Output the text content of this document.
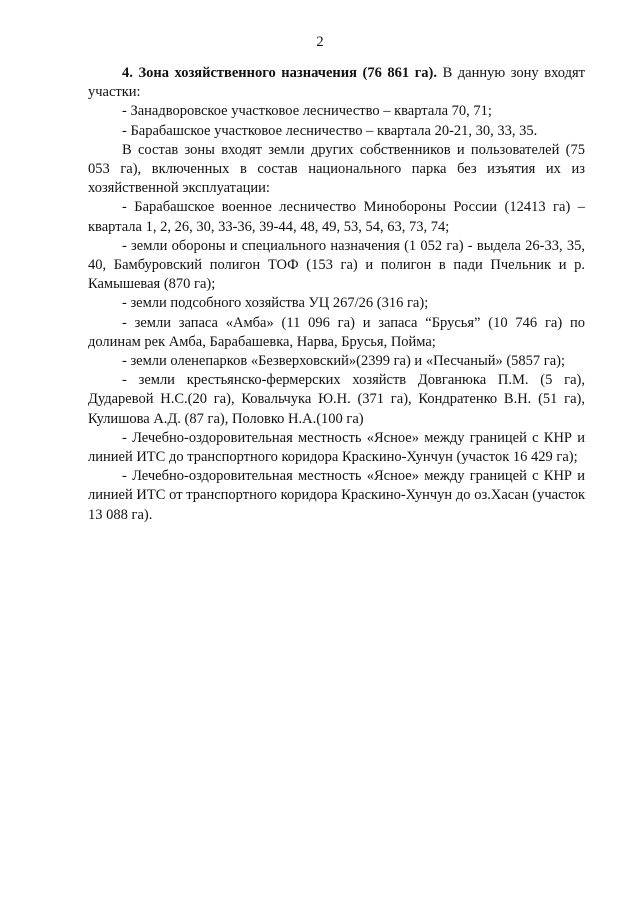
2

4. Зона хозяйственного назначения (76 861 га). В данную зону входят участки:

- Занадворовское участковое лесничество – квартала 70, 71;

- Барабашское участковое лесничество – квартала 20-21, 30, 33, 35.

В состав зоны входят земли других собственников и пользователей (75 053 га), включенных в состав национального парка без изъятия их из хозяйственной эксплуатации:

- Барабашское военное лесничество Минобороны России (12413 га) – квартала 1, 2, 26, 30, 33-36, 39-44, 48, 49, 53, 54, 63, 73, 74;

- земли обороны и специального назначения (1 052 га) - выдела 26-33, 35, 40, Бамбуровский полигон ТОФ (153 га) и полигон в пади Пчельник и р. Камышевая (870 га);

- земли подсобного хозяйства УЦ 267/26 (316 га);

- земли запаса «Амба» (11 096 га) и запаса “Брусья” (10 746 га) по долинам рек Амба, Барабашевка, Нарва, Брусья, Пойма;

- земли оленепарков «Безверховский»(2399 га) и «Песчаный» (5857 га);

- земли крестьянско-фермерских хозяйств Довганюка П.М. (5 га), Дударевой Н.С.(20 га), Ковальчука Ю.Н. (371 га), Кондратенко В.Н. (51 га), Кулишова А.Д. (87 га), Половко Н.А.(100 га)

- Лечебно-оздоровительная местность «Ясное» между границей с КНР и линией ИТС до транспортного коридора Краскино-Хунчун (участок 16 429 га);

- Лечебно-оздоровительная местность «Ясное» между границей с КНР и линией ИТС от транспортного коридора Краскино-Хунчун до оз.Хасан (участок 13 088 га).
